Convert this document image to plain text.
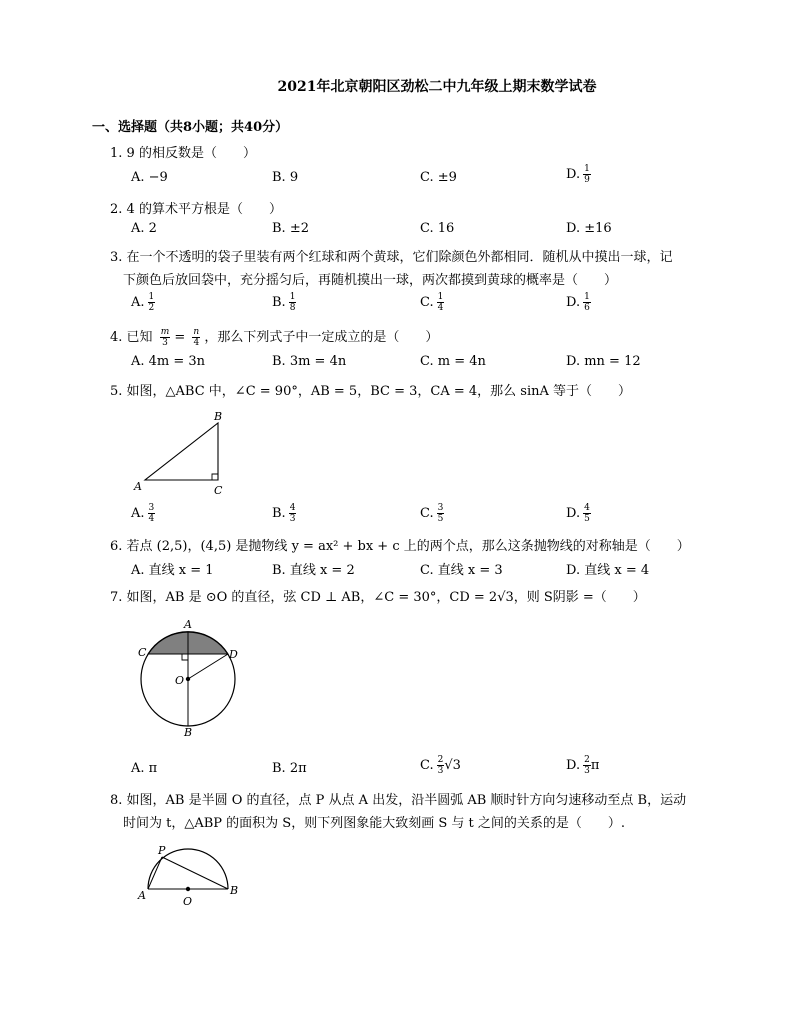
2021年北京朝阳区劲松二中九年级上期末数学试卷
一、选择题（共8小题；共40分）
1. 9 的相反数是（　　）
A. −9	B. 9	C. ±9	D. $\frac{1}{9}$
2. 4 的算术平方根是（　　）
A. 2	B. ±2	C. 16	D. ±16
3. 在一个不透明的袋子里装有两个红球和两个黄球，它们除颜色外都相同．随机从中摸出一球，记
下颜色后放回袋中，充分摇匀后，再随机摸出一球，两次都摸到黄球的概率是（　　）
A. $\frac{1}{2}$	B. $\frac{1}{8}$	C. $\frac{1}{4}$	D. $\frac{1}{6}$
4. 已知 $\frac{m}{3} = \frac{n}{4}$ ，那么下列式子中一定成立的是（　　）
A. 4m = 3n	B. 3m = 4n	C. m = 4n	D. mn = 12
5. 如图，△ABC 中，∠C = 90°，AB = 5，BC = 3，CA = 4，那么 sinA 等于（　　）
A	C
B
A. $\frac{3}{4}$	B. $\frac{4}{3}$	C. $\frac{3}{5}$	D. $\frac{4}{5}$
6. 若点 (2,5)，(4,5) 是抛物线 y = ax² + bx + c 上的两个点，那么这条抛物线的对称轴是（　　）
A. 直线 x = 1	B. 直线 x = 2	C. 直线 x = 3	D. 直线 x = 4
7. 如图，AB 是 ⊙O 的直径，弦 CD ⊥ AB，∠C = 30°，CD = 2√3，则 S阴影 =（　　）
A
C	D
O
B
A. π	B. 2π	C. $\frac{2}{3} √3$	D. $\frac{2}{3}$ π
8. 如图，AB 是半圆 O 的直径，点 P 从点 A 出发，沿半圆弧 AB 顺时针方向匀速移动至点 B，运动
时间为 t，△ABP 的面积为 S，则下列图象能大致刻画 S 与 t 之间的关系的是（　　）.
P
A	B
O
